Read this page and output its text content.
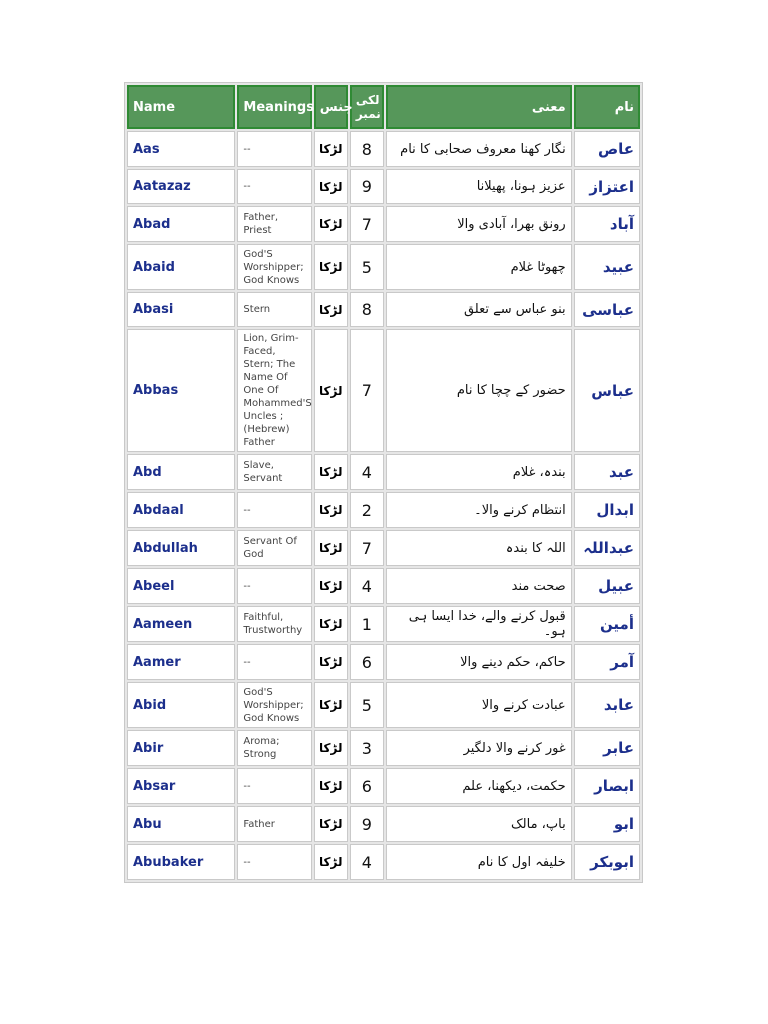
Name	Meanings	جنس	لکی نمبر	معنی	نام
Aas	--	لڑکا	8	نگار کھنا معروف صحابی کا نام	عاص
Aatazaz	--	لڑکا	9	عزیز ہونا، پھیلانا	اعتزاز
Abad	Father, Priest	لڑکا	7	رونق بھرا، آبادی والا	آباد
Abaid	God'S Worshipper; God Knows	لڑکا	5	چھوٹا غلام	عبید
Abasi	Stern	لڑکا	8	بنو عباس سے تعلق	عباسی
Abbas	Lion, Grim-Faced, Stern; The Name Of One Of Mohammed'S Uncles ; (Hebrew) Father	لڑکا	7	حضور کے چچا کا نام	عباس
Abd	Slave, Servant	لڑکا	4	بندہ، غلام	عبد
Abdaal	--	لڑکا	2	انتظام کرنے والا۔	ابدال
Abdullah	Servant Of God	لڑکا	7	اللہ کا بندہ	عبداللہ
Abeel	--	لڑکا	4	صحت مند	عبیل
Aameen	Faithful, Trustworthy	لڑکا	1	قبول کرنے والے، خدا ایسا ہی ہو۔	أمین
Aamer	--	لڑکا	6	حاکم، حکم دینے والا	آمر
Abid	God'S Worshipper; God Knows	لڑکا	5	عبادت کرنے والا	عابد
Abir	Aroma; Strong	لڑکا	3	غور کرنے والا دلگیر	عابر
Absar	--	لڑکا	6	حکمت، دیکھنا، علم	ابصار
Abu	Father	لڑکا	9	باپ، مالک	ابو
Abubaker	--	لڑکا	4	خلیفہ اول کا نام	ابوبکر
